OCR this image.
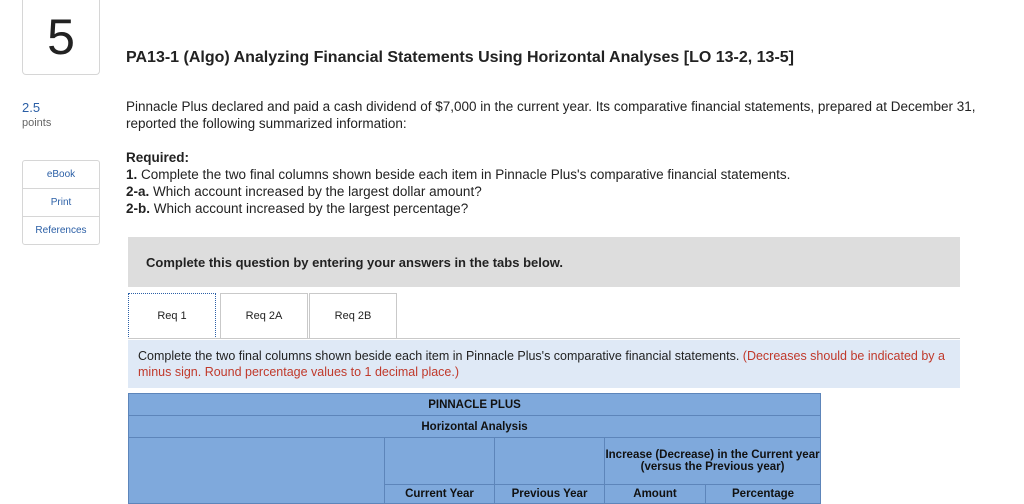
5
2.5
points
eBook
Print
References
PA13-1 (Algo) Analyzing Financial Statements Using Horizontal Analyses [LO 13-2, 13-5]
Pinnacle Plus declared and paid a cash dividend of $7,000 in the current year. Its comparative financial statements, prepared at December 31, reported the following summarized information:
Required:
1. Complete the two final columns shown beside each item in Pinnacle Plus's comparative financial statements.
2-a. Which account increased by the largest dollar amount?
2-b. Which account increased by the largest percentage?
Complete this question by entering your answers in the tabs below.
Req 1	Req 2A	Req 2B
Complete the two final columns shown beside each item in Pinnacle Plus's comparative financial statements. (Decreases should be indicated by a minus sign. Round percentage values to 1 decimal place.)
PINNACLE PLUS				
Horizontal Analysis				
			Increase (Decrease) in the Current year (versus the Previous year)	
	Current Year	Previous Year	Amount	Percentage
